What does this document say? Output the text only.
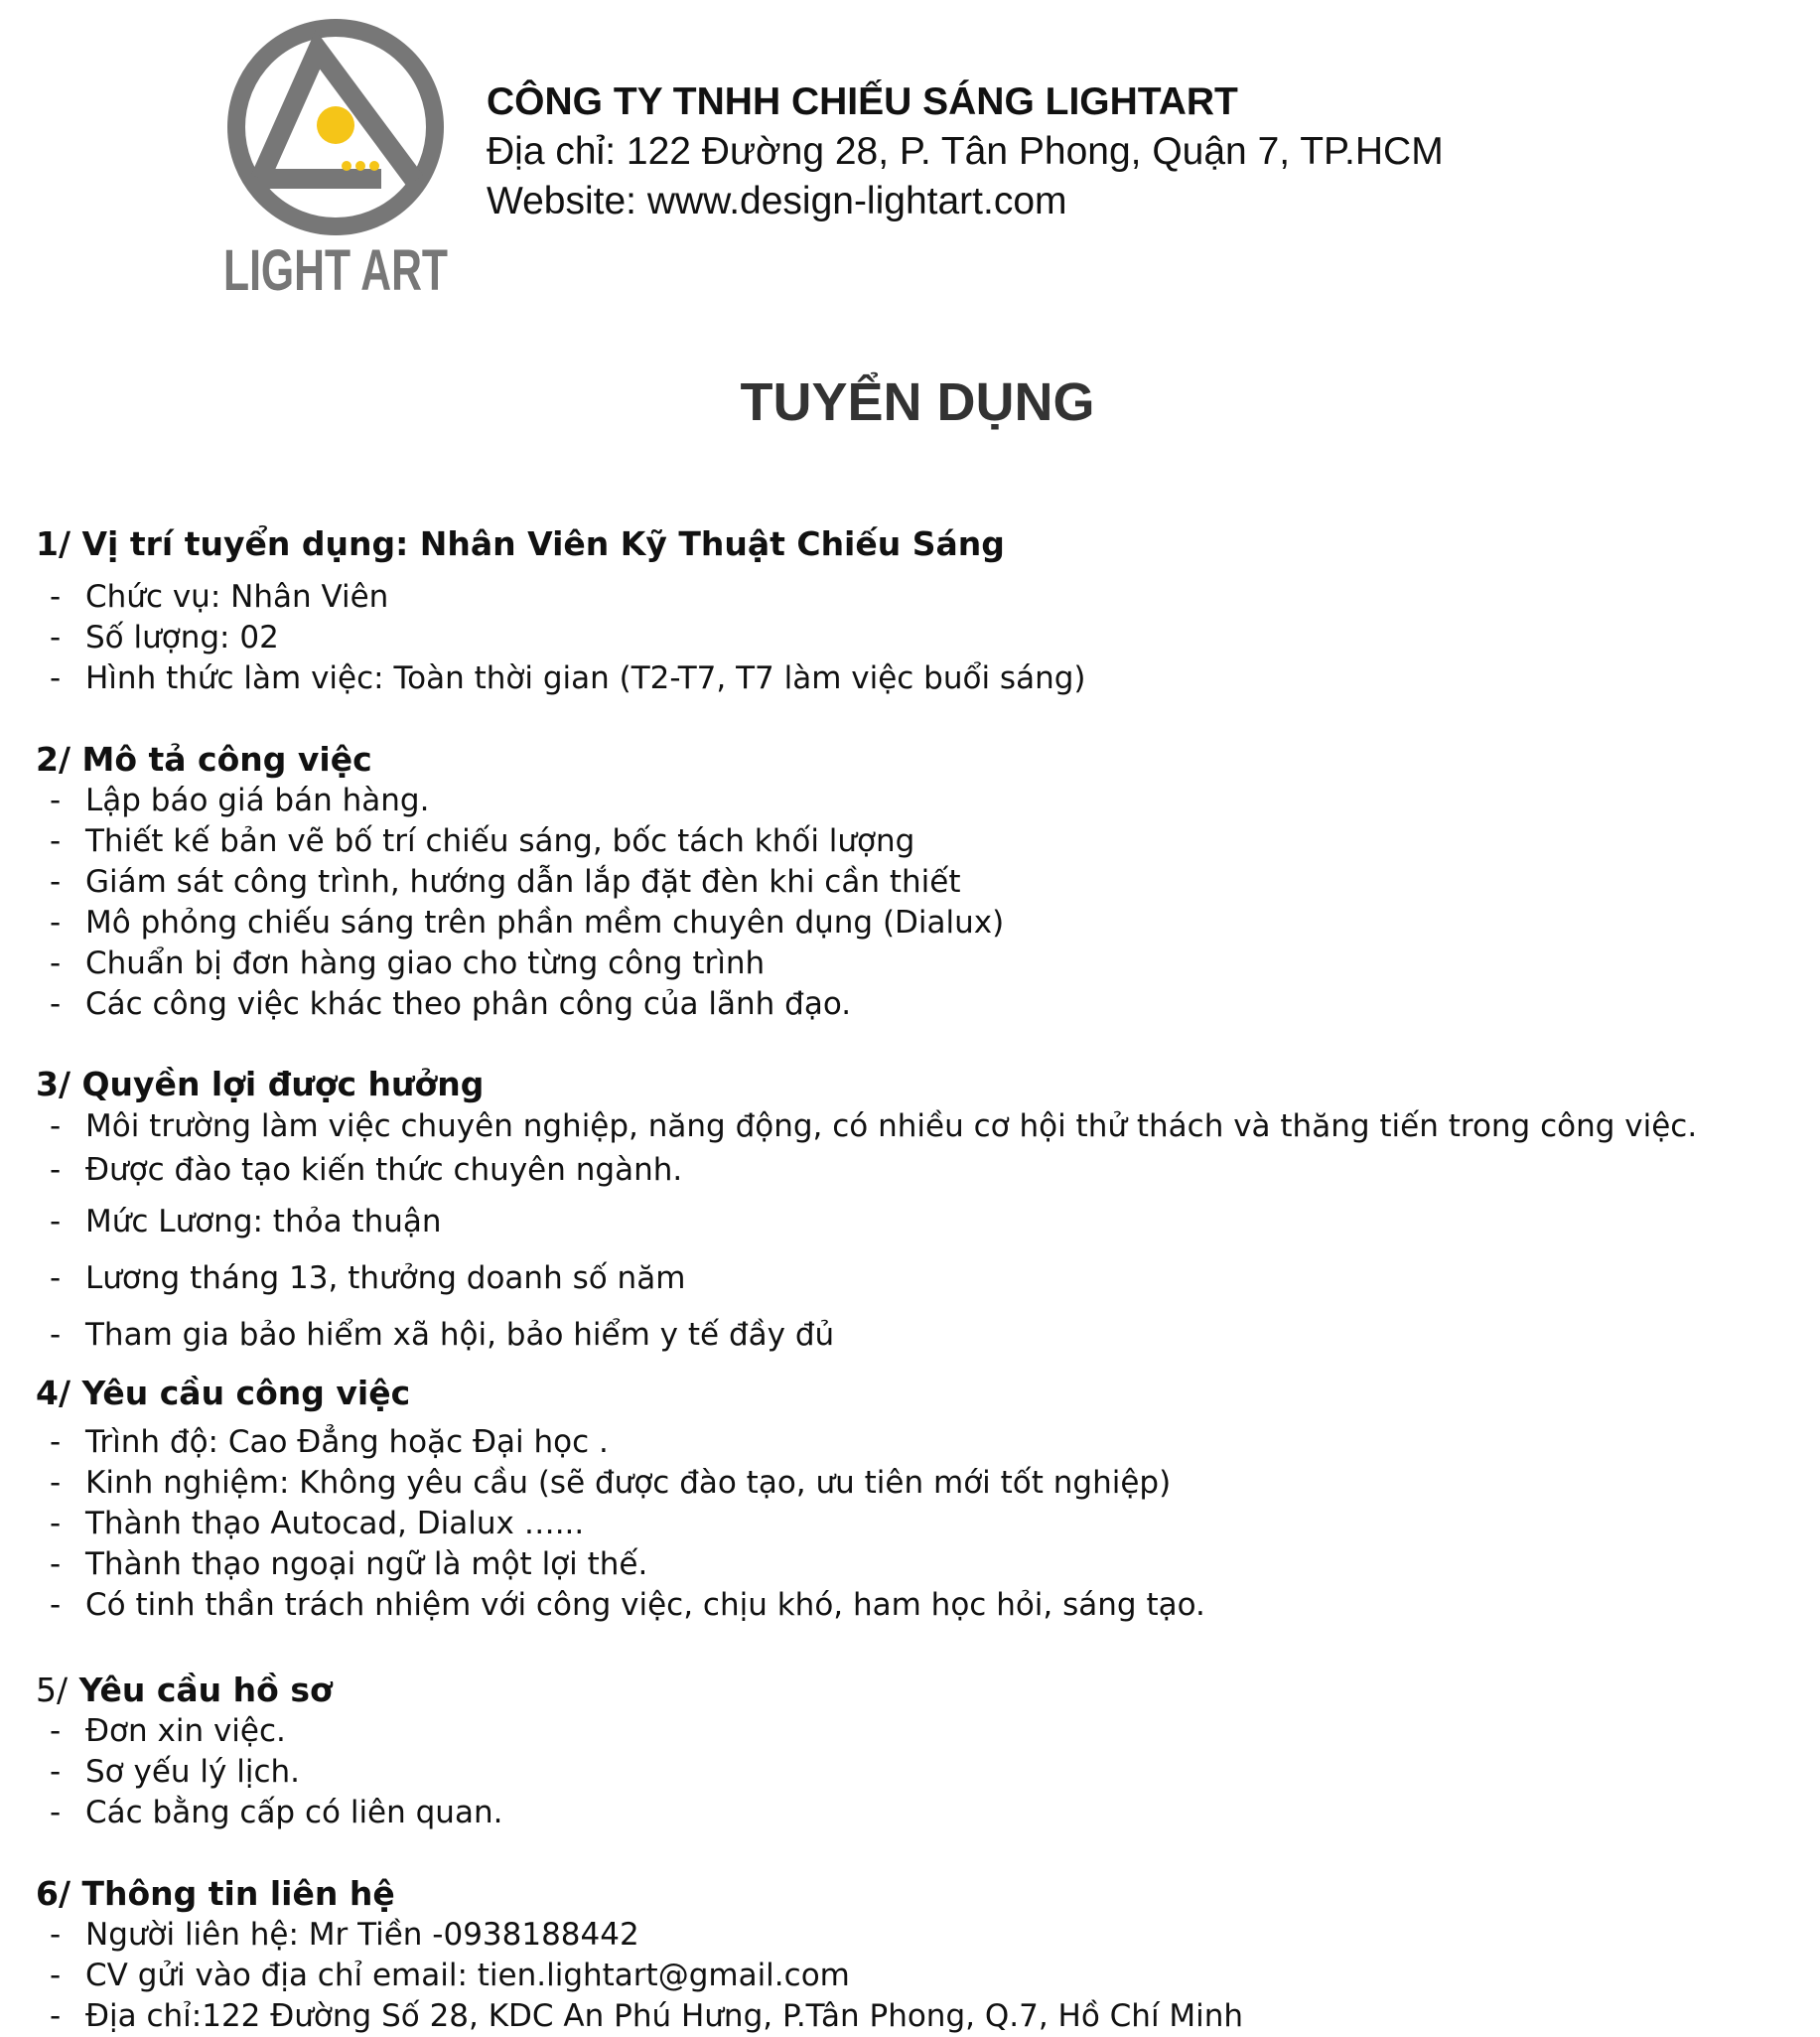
LIGHT ART
CÔNG TY TNHH CHIẾU SÁNG LIGHTART
Địa chỉ: 122 Đường 28, P. Tân Phong, Quận 7, TP.HCM
Website: www.design-lightart.com
TUYỂN DỤNG
1/ Vị trí tuyển dụng: Nhân Viên Kỹ Thuật Chiếu Sáng
- Chức vụ: Nhân Viên
- Số lượng: 02
- Hình thức làm việc: Toàn thời gian (T2-T7, T7 làm việc buổi sáng)
2/ Mô tả công việc
- Lập báo giá bán hàng.
- Thiết kế bản vẽ bố trí chiếu sáng, bốc tách khối lượng
- Giám sát công trình, hướng dẫn lắp đặt đèn khi cần thiết
- Mô phỏng chiếu sáng trên phần mềm chuyên dụng (Dialux)
- Chuẩn bị đơn hàng giao cho từng công trình
- Các công việc khác theo phân công của lãnh đạo.
3/ Quyền lợi được hưởng
- Môi trường làm việc chuyên nghiệp, năng động, có nhiều cơ hội thử thách và thăng tiến trong công việc.
- Được đào tạo kiến thức chuyên ngành.
- Mức Lương: thỏa thuận
- Lương tháng 13, thưởng doanh số năm
- Tham gia bảo hiểm xã hội, bảo hiểm y tế đầy đủ
4/ Yêu cầu công việc
- Trình độ: Cao Đẳng hoặc Đại học .
- Kinh nghiệm: Không yêu cầu (sẽ được đào tạo, ưu tiên mới tốt nghiệp)
- Thành thạo Autocad, Dialux …...
- Thành thạo ngoại ngữ là một lợi thế.
- Có tinh thần trách nhiệm với công việc, chịu khó, ham học hỏi, sáng tạo.
5/ Yêu cầu hồ sơ
- Đơn xin việc.
- Sơ yếu lý lịch.
- Các bằng cấp có liên quan.
6/ Thông tin liên hệ
- Người liên hệ: Mr Tiền -0938188442
- CV gửi vào địa chỉ email: tien.lightart@gmail.com
- Địa chỉ:122 Đường Số 28, KDC An Phú Hưng, P.Tân Phong, Q.7, Hồ Chí Minh
